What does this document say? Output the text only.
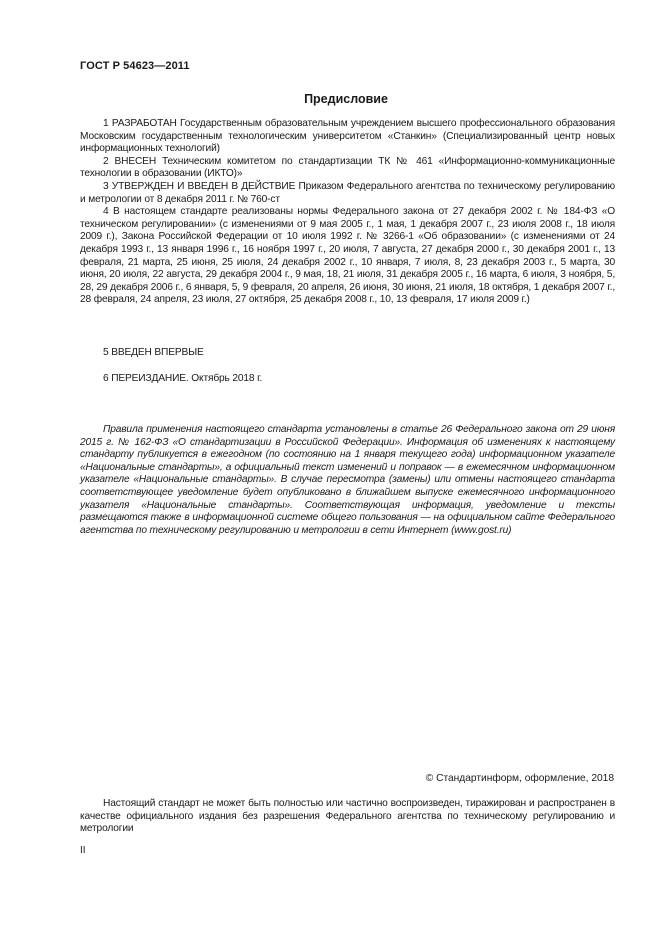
ГОСТ Р 54623—2011
Предисловие

1 РАЗРАБОТАН Государственным образовательным учреждением высшего профессионального образования Московским государственным технологическим университетом «Станкин» (Специализированный центр новых информационных технологий)

2 ВНЕСЕН Техническим комитетом по стандартизации ТК № 461 «Информационно-коммуникационные технологии в образовании (ИКТО)»

3 УТВЕРЖДЕН И ВВЕДЕН В ДЕЙСТВИЕ Приказом Федерального агентства по техническому регулированию и метрологии от 8 декабря 2011 г. № 760-ст

4 В настоящем стандарте реализованы нормы Федерального закона от 27 декабря 2002 г. № 184-ФЗ «О техническом регулировании» (с изменениями от 9 мая 2005 г., 1 мая, 1 декабря 2007 г., 23 июля 2008 г., 18 июля 2009 г.), Закона Российской Федерации от 10 июля 1992 г. № 3266-1 «Об образовании» (с изменениями от 24 декабря 1993 г., 13 января 1996 г., 16 ноября 1997 г., 20 июля, 7 августа, 27 декабря 2000 г., 30 декабря 2001 г., 13 февраля, 21 марта, 25 июня, 25 июля, 24 декабря 2002 г., 10 января, 7 июля, 8, 23 декабря 2003 г., 5 марта, 30 июня, 20 июля, 22 августа, 29 декабря 2004 г., 9 мая, 18, 21 июля, 31 декабря 2005 г., 16 марта, 6 июля, 3 ноября, 5, 28, 29 декабря 2006 г., 6 января, 5, 9 февраля, 20 апреля, 26 июня, 30 июня, 21 июля, 18 октября, 1 декабря 2007 г., 28 февраля, 24 апреля, 23 июля, 27 октября, 25 декабря 2008 г., 10, 13 февраля, 17 июля 2009 г.)

5 ВВЕДЕН ВПЕРВЫЕ

6 ПЕРЕИЗДАНИЕ. Октябрь 2018 г.

Правила применения настоящего стандарта установлены в статье 26 Федерального закона от 29 июня 2015 г. № 162-ФЗ «О стандартизации в Российской Федерации». Информация об изменениях к настоящему стандарту публикуется в ежегодном (по состоянию на 1 января текущего года) информационном указателе «Национальные стандарты», а официальный текст изменений и поправок — в ежемесячном информационном указателе «Национальные стандарты». В случае пересмотра (замены) или отмены настоящего стандарта соответствующее уведомление будет опубликовано в ближайшем выпуске ежемесячного информационного указателя «Национальные стандарты». Соответствующая информация, уведомление и тексты размещаются также в информационной системе общего пользования — на официальном сайте Федерального агентства по техническому регулированию и метрологии в сети Интернет (www.gost.ru)

© Стандартинформ, оформление, 2018

Настоящий стандарт не может быть полностью или частично воспроизведен, тиражирован и распространен в качестве официального издания без разрешения Федерального агентства по техническому регулированию и метрологии

II
